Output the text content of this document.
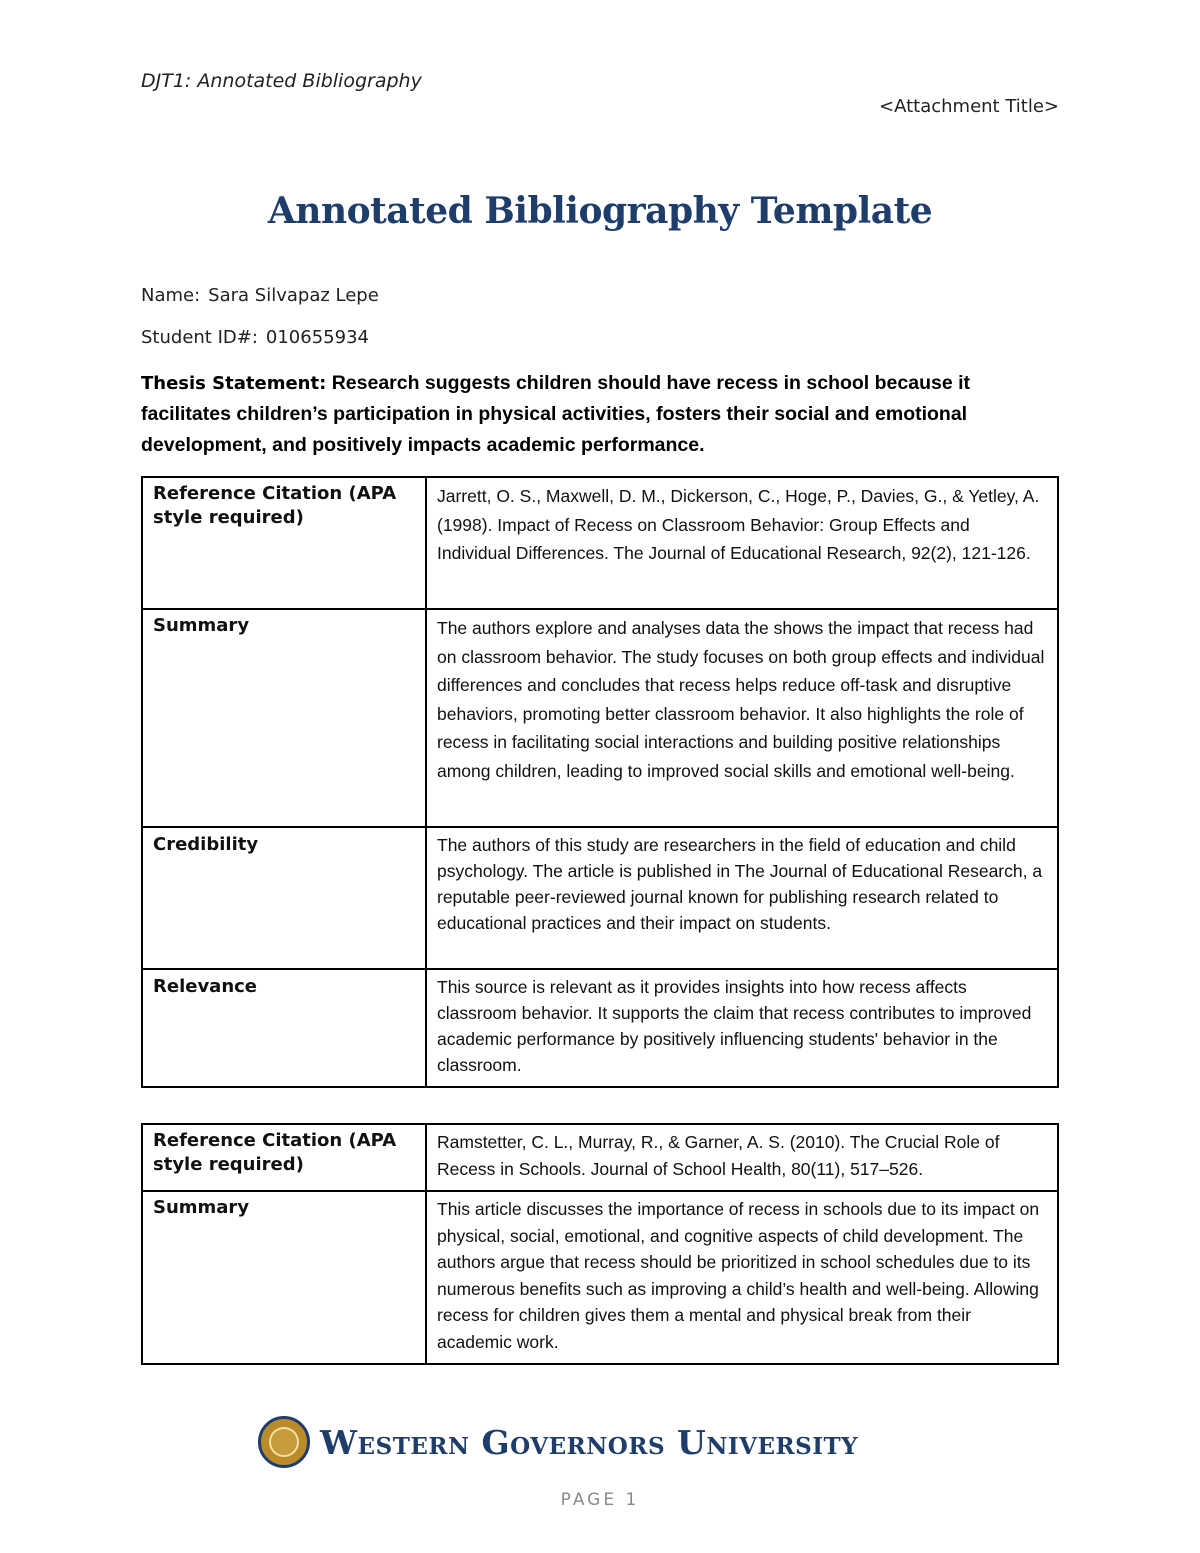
DJT1: Annotated Bibliography
<Attachment Title>
Annotated Bibliography Template
Name: Sara Silvapaz Lepe
Student ID#: 010655934
Thesis Statement: Research suggests children should have recess in school because it facilitates children’s participation in physical activities, fosters their social and emotional development, and positively impacts academic performance.
Reference Citation (APA style required)	Jarrett, O. S., Maxwell, D. M., Dickerson, C., Hoge, P., Davies, G., & Yetley, A. (1998). Impact of Recess on Classroom Behavior: Group Effects and Individual Differences. The Journal of Educational Research, 92(2), 121-126.
Summary	The authors explore and analyses data the shows the impact that recess had on classroom behavior. The study focuses on both group effects and individual differences and concludes that recess helps reduce off-task and disruptive behaviors, promoting better classroom behavior. It also highlights the role of recess in facilitating social interactions and building positive relationships among children, leading to improved social skills and emotional well-being.
Credibility	The authors of this study are researchers in the field of education and child psychology. The article is published in The Journal of Educational Research, a reputable peer-reviewed journal known for publishing research related to educational practices and their impact on students.
Relevance	This source is relevant as it provides insights into how recess affects classroom behavior. It supports the claim that recess contributes to improved academic performance by positively influencing students' behavior in the classroom.
Reference Citation (APA style required)	Ramstetter, C. L., Murray, R., & Garner, A. S. (2010). The Crucial Role of Recess in Schools. Journal of School Health, 80(11), 517–526.
Summary	This article discusses the importance of recess in schools due to its impact on physical, social, emotional, and cognitive aspects of child development. The authors argue that recess should be prioritized in school schedules due to its numerous benefits such as improving a child’s health and well-being. Allowing recess for children gives them a mental and physical break from their academic work.
Western Governors University
PAGE 1
